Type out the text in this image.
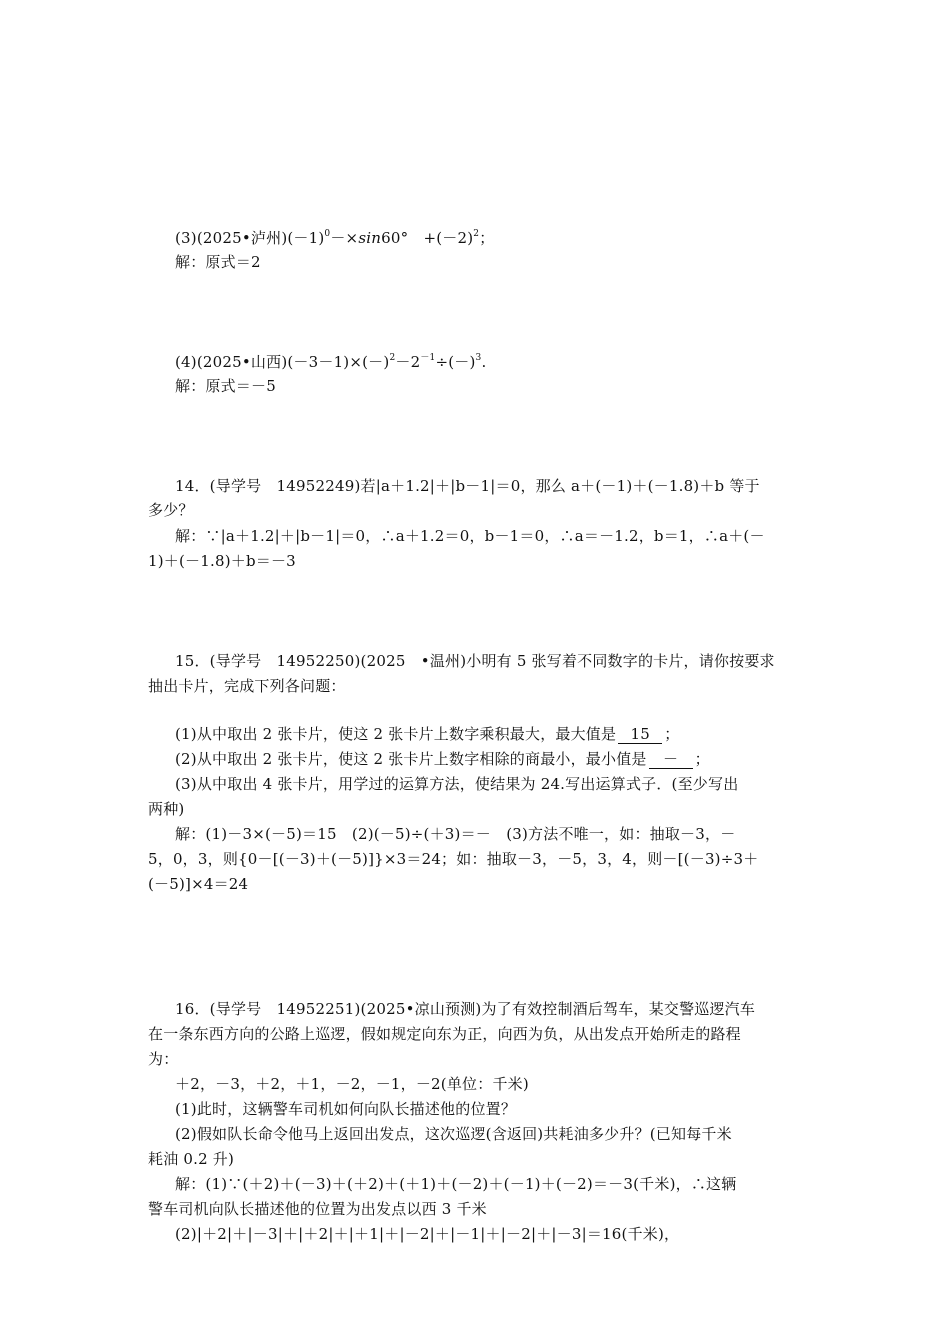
(3)(2025•泸州)$(-1)^0-\times\sin 60^\circ$　$+(-2)^2$；
解：原式＝2
(4)(2025•山西)$(-3-1)\times(-)^2-2^{-1}\div(-)^3$.
解：原式＝－5
14．(导学号　14952249)若|a＋1.2|＋|b－1|＝0，那么 a＋(－1)＋(－1.8)＋b 等于
多少？
解：∵|a＋1.2|＋|b－1|＝0，∴a＋1.2＝0，b－1＝0，∴a＝－1.2，b＝1，∴a＋(－
1)＋(－1.8)＋b＝－3
15．(导学号　14952250)(2025　•温州)小明有 5 张写着不同数字的卡片，请你按要求
抽出卡片，完成下列各问题：
(1)从中取出 2 张卡片，使这 2 张卡片上数字乘积最大，最大值是 15 ；
(2)从中取出 2 张卡片，使这 2 张卡片上数字相除的商最小，最小值是 － ；
(3)从中取出 4 张卡片，用学过的运算方法，使结果为 24.写出运算式子．(至少写出
两种)
解：(1)－3×(－5)＝15　(2)(－5)÷(＋3)＝－　(3)方法不唯一，如：抽取－3，－
5，0，3，则{0－[(－3)＋(－5)]}×3＝24；如：抽取－3，－5，3，4，则－[(－3)÷3＋
(－5)]×4＝24
16．(导学号　14952251)(2025•凉山预测)为了有效控制酒后驾车，某交警巡逻汽车
在一条东西方向的公路上巡逻，假如规定向东为正，向西为负，从出发点开始所走的路程
为：
＋2，－3，＋2，＋1，－2，－1，－2(单位：千米)
(1)此时，这辆警车司机如何向队长描述他的位置？
(2)假如队长命令他马上返回出发点，这次巡逻(含返回)共耗油多少升？(已知每千米
耗油 0.2 升)
解：(1)∵(＋2)＋(－3)＋(＋2)＋(＋1)＋(－2)＋(－1)＋(－2)＝－3(千米)，∴这辆
警车司机向队长描述他的位置为出发点以西 3 千米
(2)|＋2|＋|－3|＋|＋2|＋|＋1|＋|－2|＋|－1|＋|－2|＋|－3|＝16(千米)，
